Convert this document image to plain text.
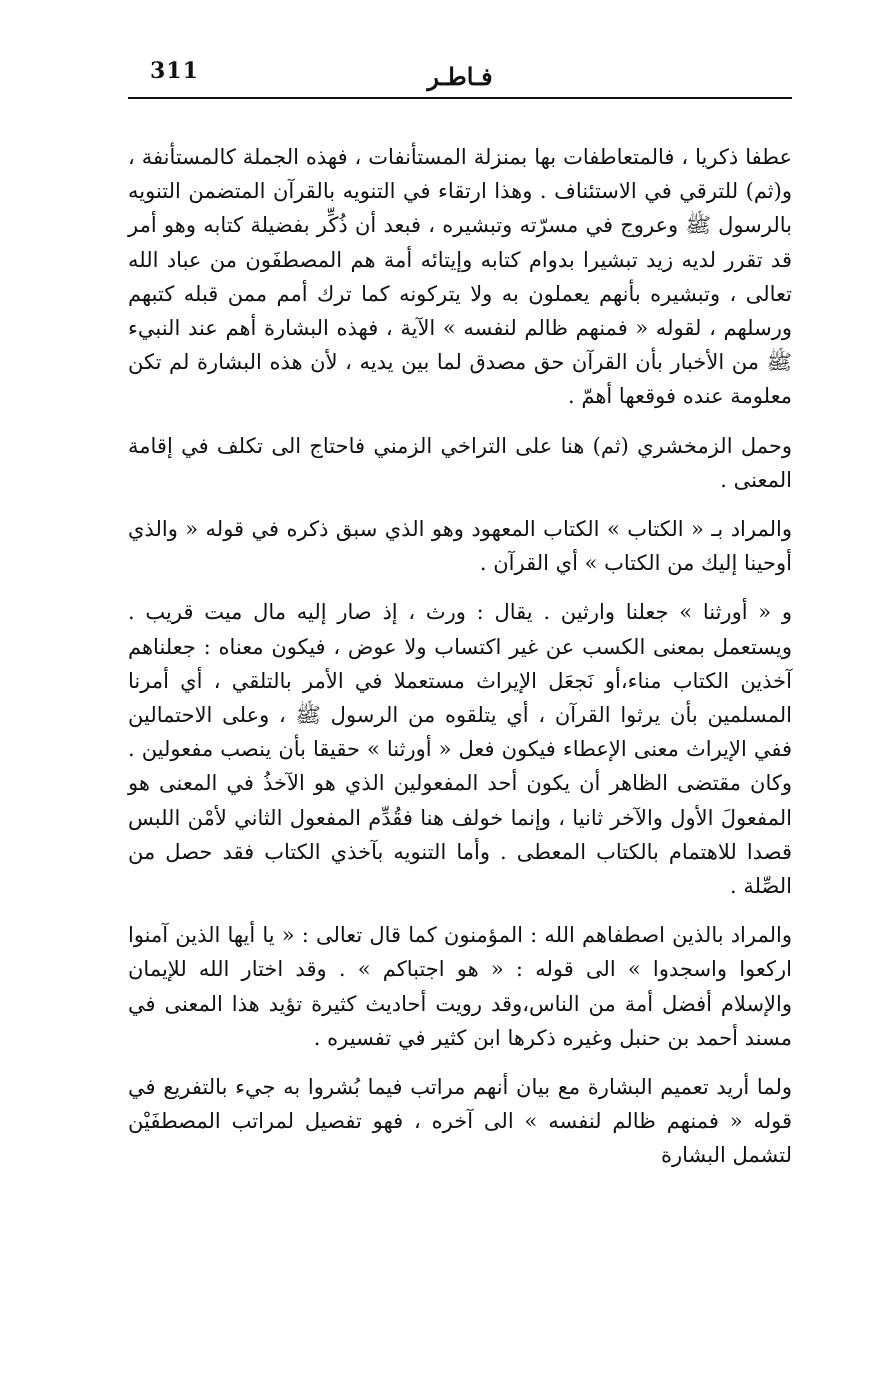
311	فـاطـر

عطفا ذكريا ، فالمتعاطفات بها بمنزلة المستأنفات ، فهذه الجملة كالمستأنفة ، و(ثم) للترقي في الاستئناف . وهذا ارتقاء في التنويه بالقرآن المتضمن التنويه بالرسول ﷺ وعروج في مسرّته وتبشيره ، فبعد أن ذُكِّر بفضيلة كتابه وهو أمر قد تقرر لديه زيد تبشيرا بدوام كتابه وإيتائه أمة هم المصطفَون من عباد الله تعالى ، وتبشيره بأنهم يعملون به ولا يتركونه كما ترك أمم ممن قبله كتبهم ورسلهم ، لقوله « فمنهم ظالم لنفسه » الآية ، فهذه البشارة أهم عند النبيء ﷺ من الأخبار بأن القرآن حق مصدق لما بين يديه ، لأن هذه البشارة لم تكن معلومة عنده فوقعها أهمّ .

وحمل الزمخشري (ثم) هنا على التراخي الزمني فاحتاج الى تكلف في إقامة المعنى .

والمراد بـ « الكتاب » الكتاب المعهود وهو الذي سبق ذكره في قوله « والذي أوحينا إليك من الكتاب » أي القرآن .

و « أورثنا » جعلنا وارثين . يقال : ورث ، إذ صار إليه مال ميت قريب . ويستعمل بمعنى الكسب عن غير اكتساب ولا عوض ، فيكون معناه : جعلناهم آخذين الكتاب مناء،أو نَجعَل الإيراث مستعملا في الأمر بالتلقي ، أي أمرنا المسلمين بأن يرثوا القرآن ، أي يتلقوه من الرسول ﷺ ، وعلى الاحتمالين ففي الإيراث معنى الإعطاء فيكون فعل « أورثنا » حقيقا بأن ينصب مفعولين . وكان مقتضى الظاهر أن يكون أحد المفعولين الذي هو الآخذُ في المعنى هو المفعولَ الأول والآخر ثانيا ، وإنما خولف هنا فقُدِّم المفعول الثاني لأمْن اللبس قصدا للاهتمام بالكتاب المعطى . وأما التنويه بآخذي الكتاب فقد حصل من الصِّلة .

والمراد بالذين اصطفاهم الله : المؤمنون كما قال تعالى : « يا أيها الذين آمنوا اركعوا واسجدوا » الى قوله : « هو اجتباكم » . وقد اختار الله للإيمان والإسلام أفضل أمة من الناس،وقد رويت أحاديث كثيرة تؤيد هذا المعنى في مسند أحمد بن حنبل وغيره ذكرها ابن كثير في تفسيره .

ولما أريد تعميم البشارة مع بيان أنهم مراتب فيما بُشروا به جيء بالتفريع في قوله « فمنهم ظالم لنفسه » الى آخره ، فهو تفصيل لمراتب المصطفَيْن لتشمل البشارة
